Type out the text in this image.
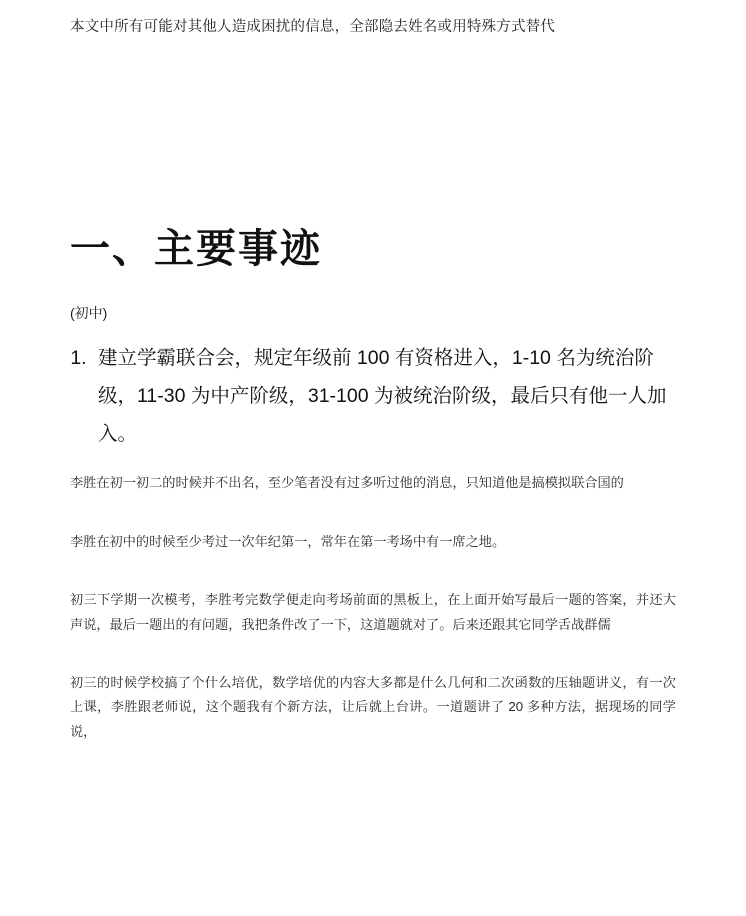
本文中所有可能对其他人造成困扰的信息，全部隐去姓名或用特殊方式替代
一、主要事迹
(初中)
1. 建立学霸联合会，规定年级前 100 有资格进入，1-10 名为统治阶级，11-30 为中产阶级，31-100 为被统治阶级，最后只有他一人加入。
李胜在初一初二的时候并不出名，至少笔者没有过多听过他的消息，只知道他是搞模拟联合国的
李胜在初中的时候至少考过一次年纪第一，常年在第一考场中有一席之地。
初三下学期一次模考，李胜考完数学便走向考场前面的黑板上，在上面开始写最后一题的答案，并还大声说，最后一题出的有问题，我把条件改了一下，这道题就对了。后来还跟其它同学舌战群儒
初三的时候学校搞了个什么培优，数学培优的内容大多都是什么几何和二次函数的压轴题讲义，有一次上课，李胜跟老师说，这个题我有个新方法，让后就上台讲。一道题讲了 20 多种方法，据现场的同学说，
